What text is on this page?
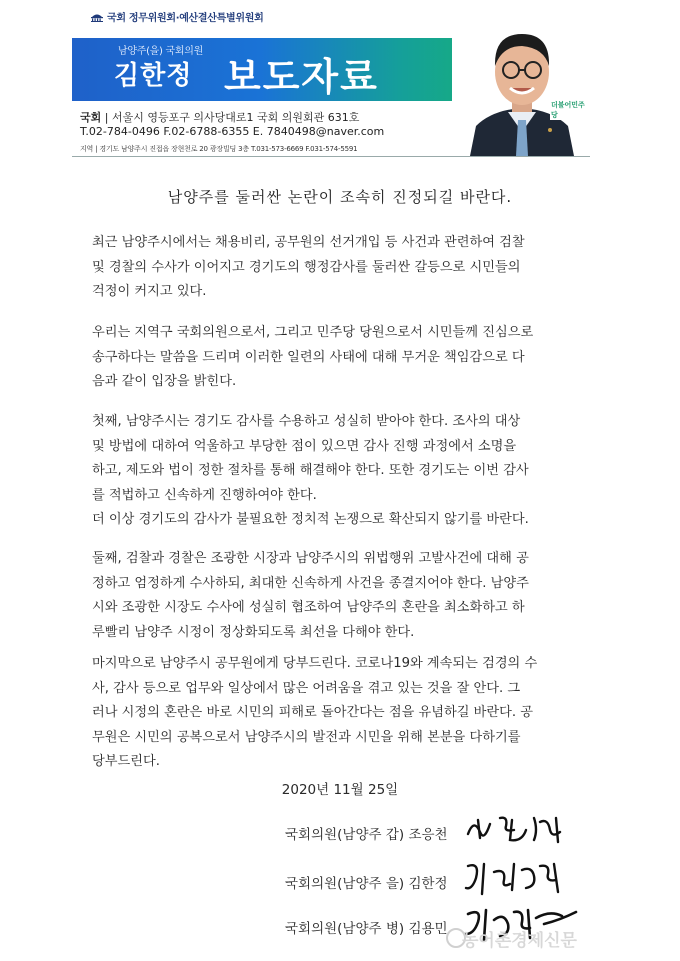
국회 정무위원회·예산결산특별위원회
남양주(을) 국회의원
김한정 보도자료
국회 | 서울시 영등포구 의사당대로1 국회 의원회관 631호
T.02-784-0496 F.02-6788-6355 E. 7840498@naver.com
지역 | 경기도 남양주시 진접읍 장현천로 20 광장빌딩 3층 T.031-573-6669 F.031-574-5591
더불어민주당
남양주를 둘러싼 논란이 조속히 진정되길 바란다.
최근 남양주시에서는 채용비리, 공무원의 선거개입 등 사건과 관련하여 검찰
및 경찰의 수사가 이어지고 경기도의 행정감사를 둘러싼 갈등으로 시민들의
걱정이 커지고 있다.
우리는 지역구 국회의원으로서, 그리고 민주당 당원으로서 시민들께 진심으로
송구하다는 말씀을 드리며 이러한 일련의 사태에 대해 무거운 책임감으로 다
음과 같이 입장을 밝힌다.
첫째, 남양주시는 경기도 감사를 수용하고 성실히 받아야 한다. 조사의 대상
및 방법에 대하여 억울하고 부당한 점이 있으면 감사 진행 과정에서 소명을
하고, 제도와 법이 정한 절차를 통해 해결해야 한다. 또한 경기도는 이번 감사
를 적법하고 신속하게 진행하여야 한다.
더 이상 경기도의 감사가 불필요한 정치적 논쟁으로 확산되지 않기를 바란다.
둘째, 검찰과 경찰은 조광한 시장과 남양주시의 위법행위 고발사건에 대해 공
정하고 엄정하게 수사하되, 최대한 신속하게 사건을 종결지어야 한다. 남양주
시와 조광한 시장도 수사에 성실히 협조하여 남양주의 혼란을 최소화하고 하
루빨리 남양주 시정이 정상화되도록 최선을 다해야 한다.
마지막으로 남양주시 공무원에게 당부드린다. 코로나19와 계속되는 검경의 수
사, 감사 등으로 업무와 일상에서 많은 어려움을 겪고 있는 것을 잘 안다. 그
러나 시정의 혼란은 바로 시민의 피해로 돌아간다는 점을 유념하길 바란다. 공
무원은 시민의 공복으로서 남양주시의 발전과 시민을 위해 본분을 다하기를
당부드린다.
2020년 11월 25일
국회의원(남양주 갑) 조응천
국회의원(남양주 을) 김한정
국회의원(남양주 병) 김용민
농어촌경제신문
